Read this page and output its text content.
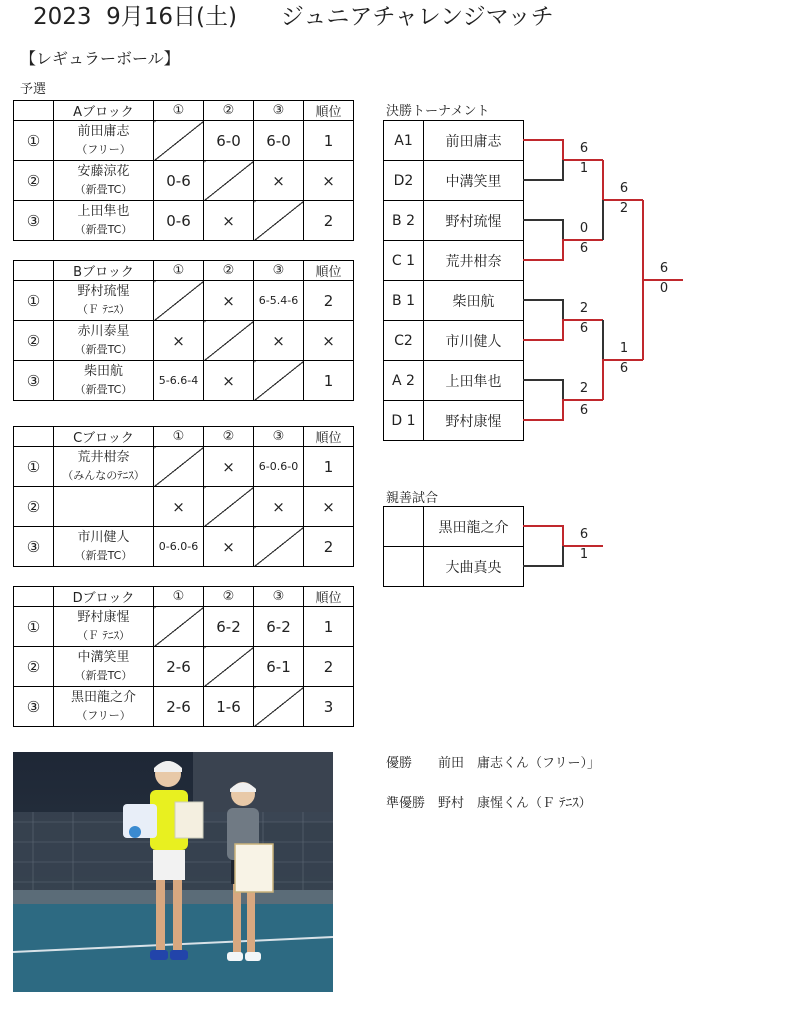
2023  9月16日(土)      ジュニアチャレンジマッチ
【レギュラーボール】
予選
	Aブロック	①	②	③	順位
①	前田庸志
（フリー）		6-0	6-0	1
②	安藤涼花
（新畳TC）	0-6		×	×
③	上田隼也
（新畳TC）	0-6	×		2
	Bブロック	①	②	③	順位
①	野村琉惺
（Ｆ ﾃﾆｽ）		×	6-5.4-6	2
②	赤川泰星
（新畳TC）	×		×	×
③	柴田航
（新畳TC）	5-6.6-4	×		1
	Cブロック	①	②	③	順位
①	荒井柑奈
（みんなのﾃﾆｽ）		×	6-0.6-0	1
②		×		×	×
③	市川健人
（新畳TC）	0-6.0-6	×		2
	Dブロック	①	②	③	順位
①	野村康惺
（Ｆ ﾃﾆｽ）		6-2	6-2	1
②	中溝笑里
（新畳TC）	2-6		6-1	2
③	黒田龍之介
（フリー）	2-6	1-6		3
決勝トーナメント
A1	前田庸志
D2	中溝笑里
B 2	野村琉惺
C 1	荒井柑奈
B 1	柴田航
C2	市川健人
A 2	上田隼也
D 1	野村康惺
親善試合
	黒田龍之介
	大曲真央
6
1
0
6
2
6
2
6
6
2
1
6
6
0
6
1
優勝　　前田　庸志くん（フリー）」
準優勝　野村　康惺くん（Ｆ ﾃﾆｽ）
